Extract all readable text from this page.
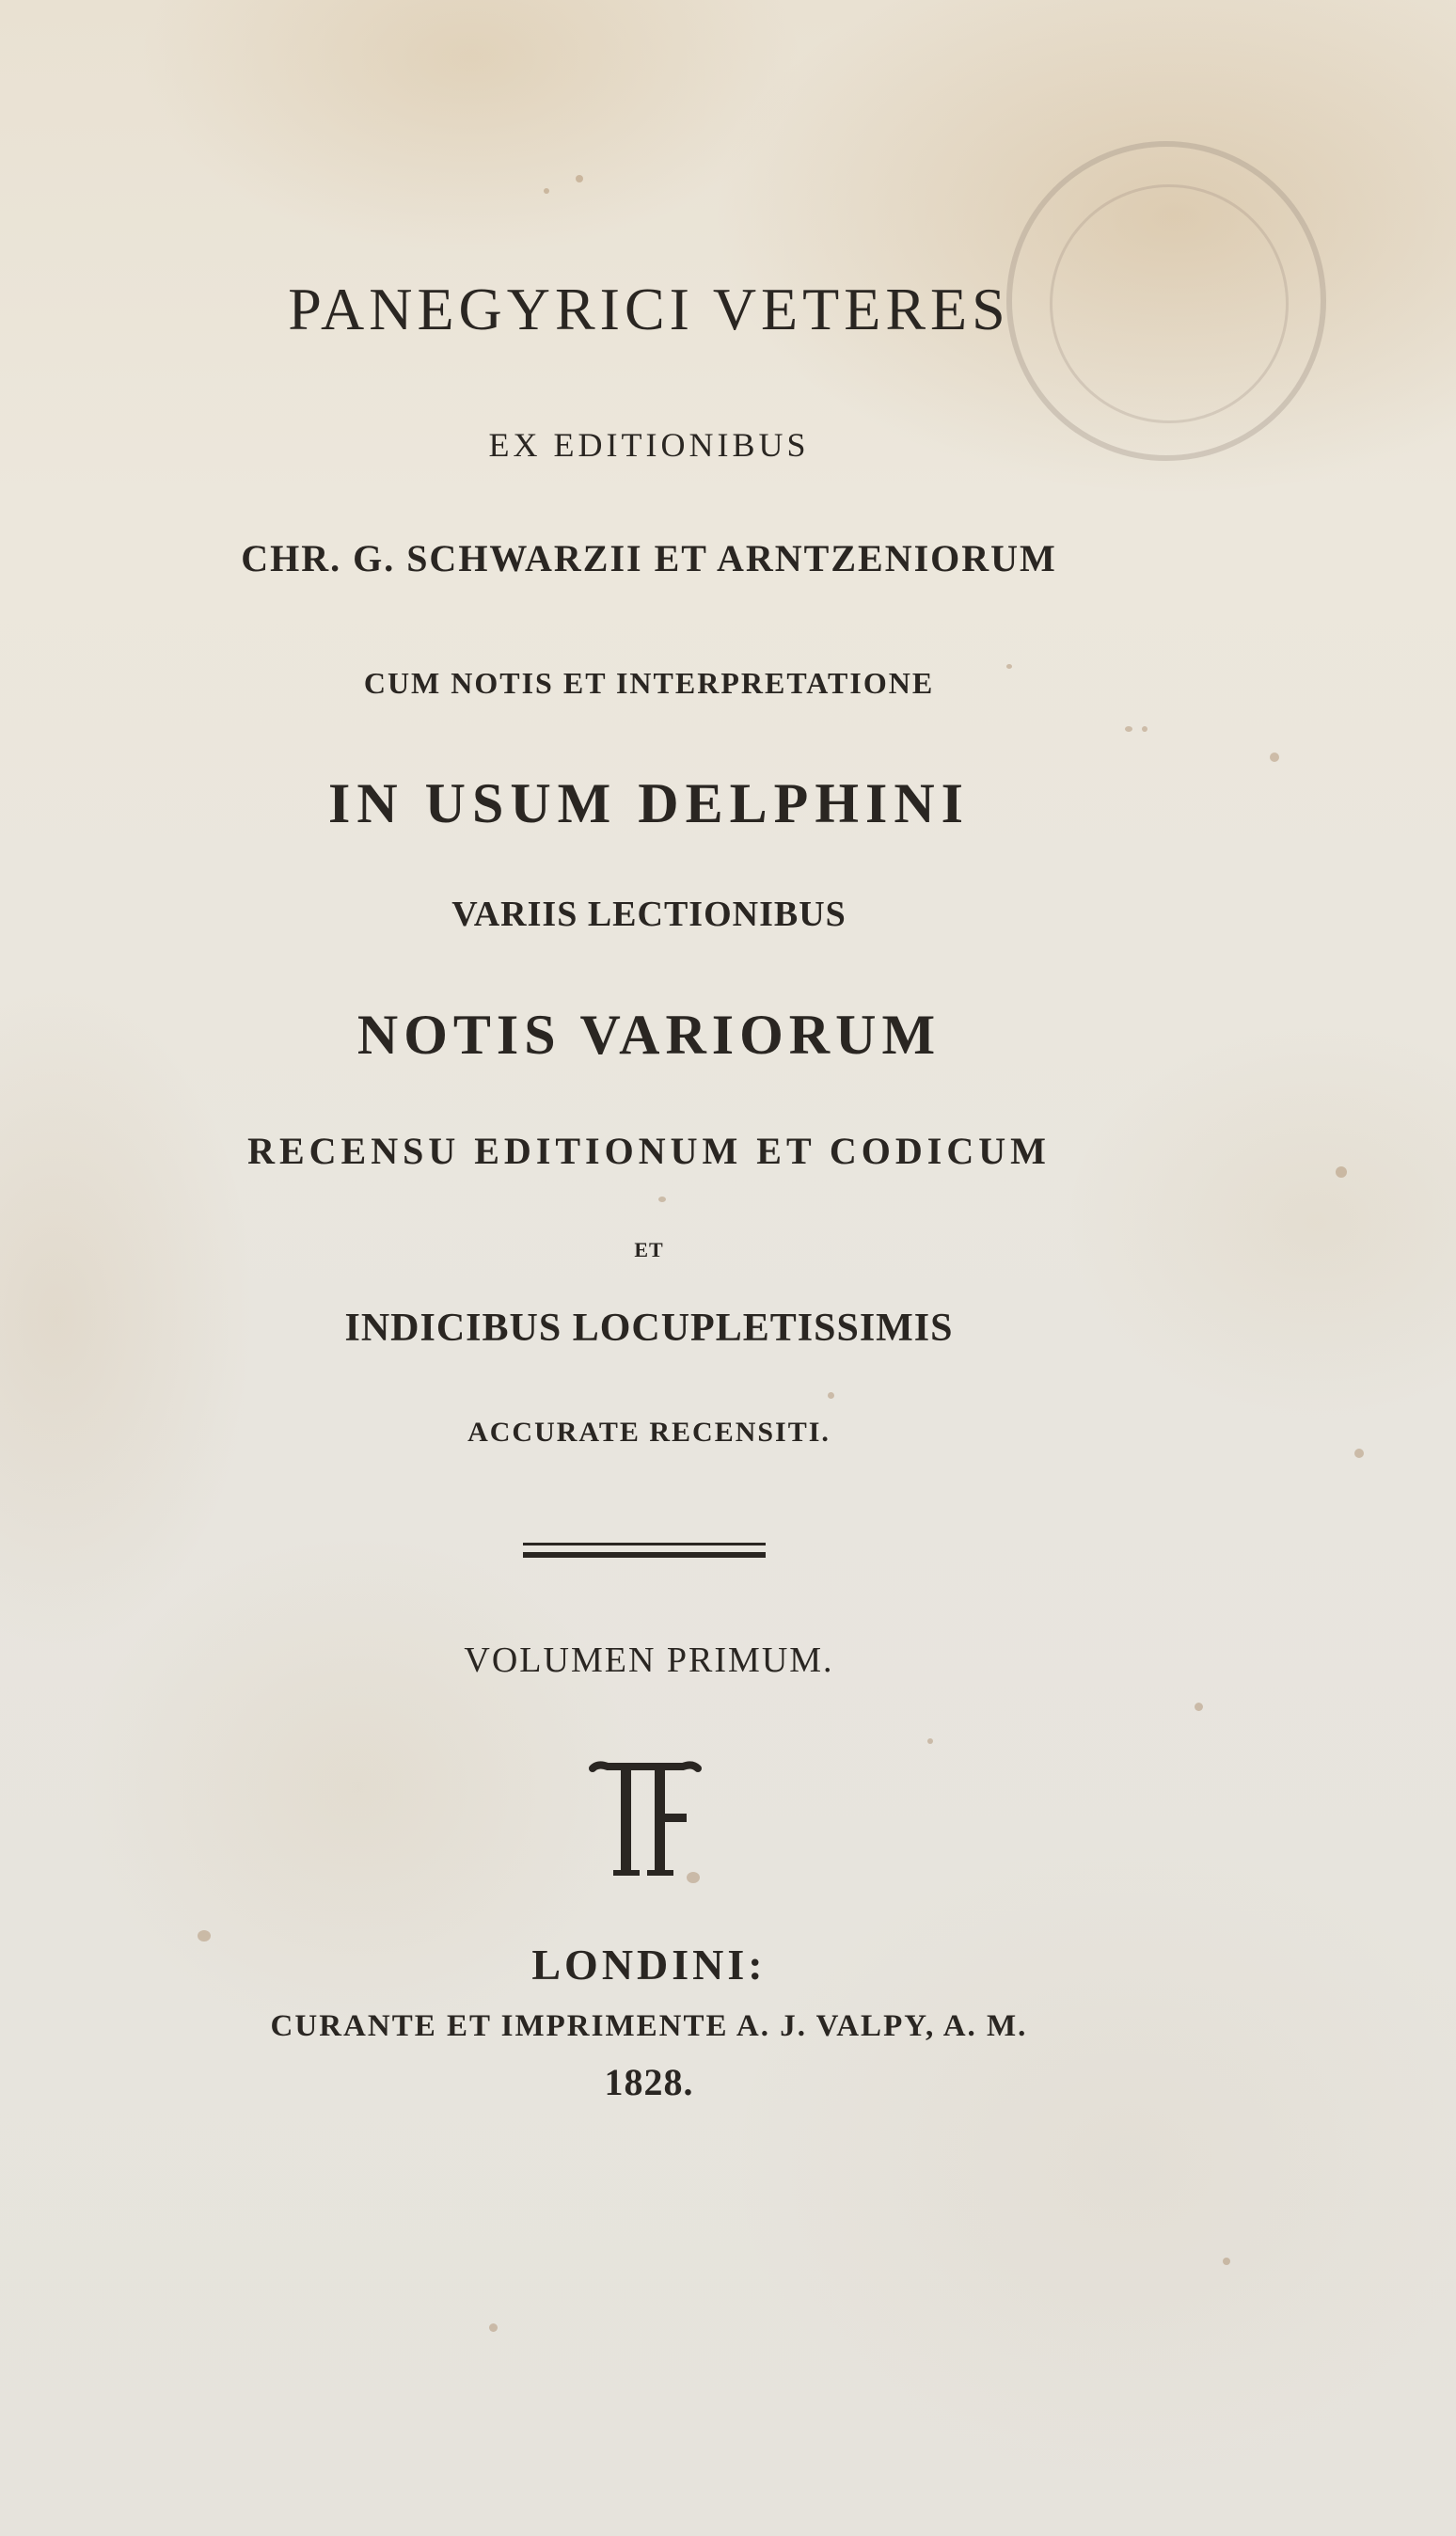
PANEGYRICI VETERES
EX EDITIONIBUS
CHR. G. SCHWARZII ET ARNTZENIORUM
CUM NOTIS ET INTERPRETATIONE
IN USUM DELPHINI
VARIIS LECTIONIBUS
NOTIS VARIORUM
RECENSU EDITIONUM ET CODICUM
ET
INDICIBUS LOCUPLETISSIMIS
ACCURATE RECENSITI.
VOLUMEN PRIMUM.
LONDINI:
CURANTE ET IMPRIMENTE A. J. VALPY, A. M.
1828.
